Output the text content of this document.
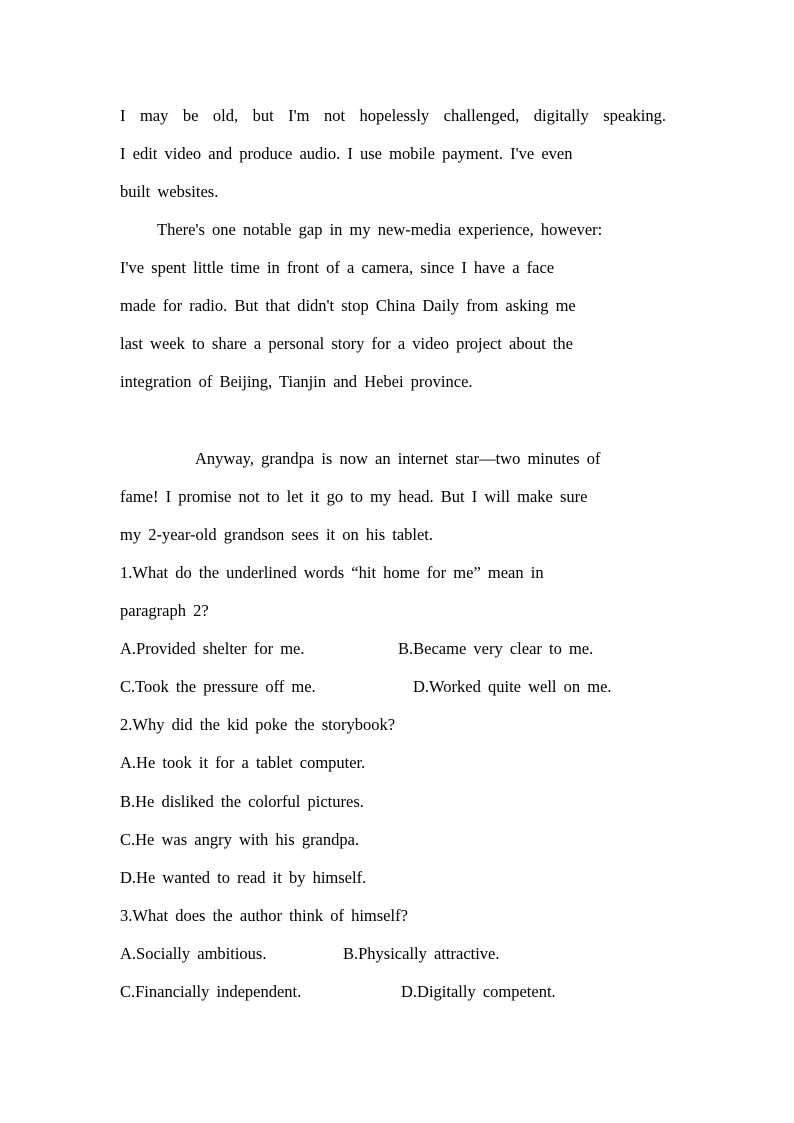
I may be old, but I'm not hopelessly challenged, digitally speaking.
I edit video and produce audio. I use mobile payment. I've even
built websites.
There's one notable gap in my new-media experience, however:
I've spent little time in front of a camera, since I have a face
made for radio. But that didn't stop China Daily from asking me
last week to share a personal story for a video project about the
integration of Beijing, Tianjin and Hebei province.
Anyway, grandpa is now an internet star—two minutes of
fame! I promise not to let it go to my head. But I will make sure
my 2-year-old grandson sees it on his tablet.
1.What do the underlined words “hit home for me” mean in
paragraph 2?
A.Provided shelter for me.	B.Became very clear to me.
C.Took the pressure off me.	D.Worked quite well on me.
2.Why did the kid poke the storybook?
A.He took it for a tablet computer.
B.He disliked the colorful pictures.
C.He was angry with his grandpa.
D.He wanted to read it by himself.
3.What does the author think of himself?
A.Socially ambitious.	B.Physically attractive.
C.Financially independent.	D.Digitally competent.
